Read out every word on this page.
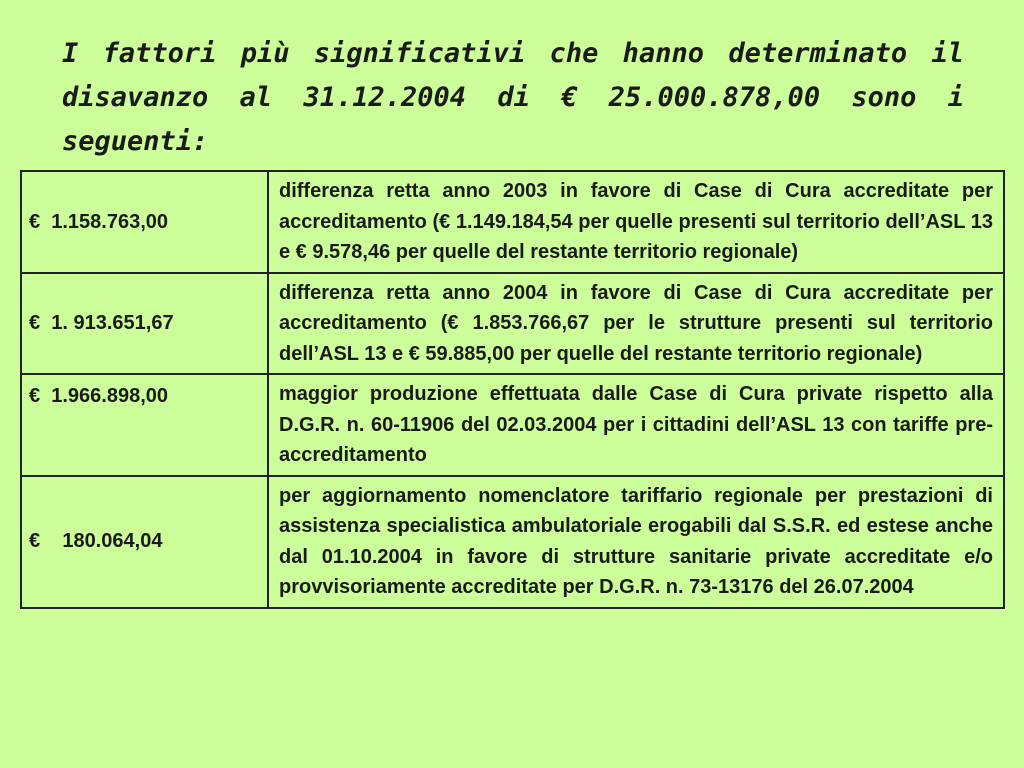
I fattori più significativi che hanno determinato il disavanzo al 31.12.2004 di € 25.000.878,00 sono i seguenti:

€  1.158.763,00	differenza retta anno 2003 in favore di Case di Cura accreditate per accreditamento (€ 1.149.184,54 per quelle presenti sul territorio dell’ASL 13 e € 9.578,46 per quelle del restante territorio regionale)
€  1. 913.651,67	differenza retta anno 2004 in favore di Case di Cura accreditate per accreditamento (€ 1.853.766,67 per le strutture presenti sul territorio dell’ASL 13 e € 59.885,00 per quelle del restante territorio regionale)
€  1.966.898,00	maggior produzione effettuata dalle Case di Cura private rispetto alla D.G.R. n. 60-11906 del 02.03.2004 per i cittadini dell’ASL 13 con tariffe pre-accreditamento
€    180.064,04	per aggiornamento nomenclatore tariffario regionale per prestazioni di assistenza specialistica ambulatoriale erogabili dal S.S.R. ed estese anche dal 01.10.2004 in favore di strutture sanitarie private accreditate e/o provvisoriamente accreditate per D.G.R. n. 73-13176 del 26.07.2004
